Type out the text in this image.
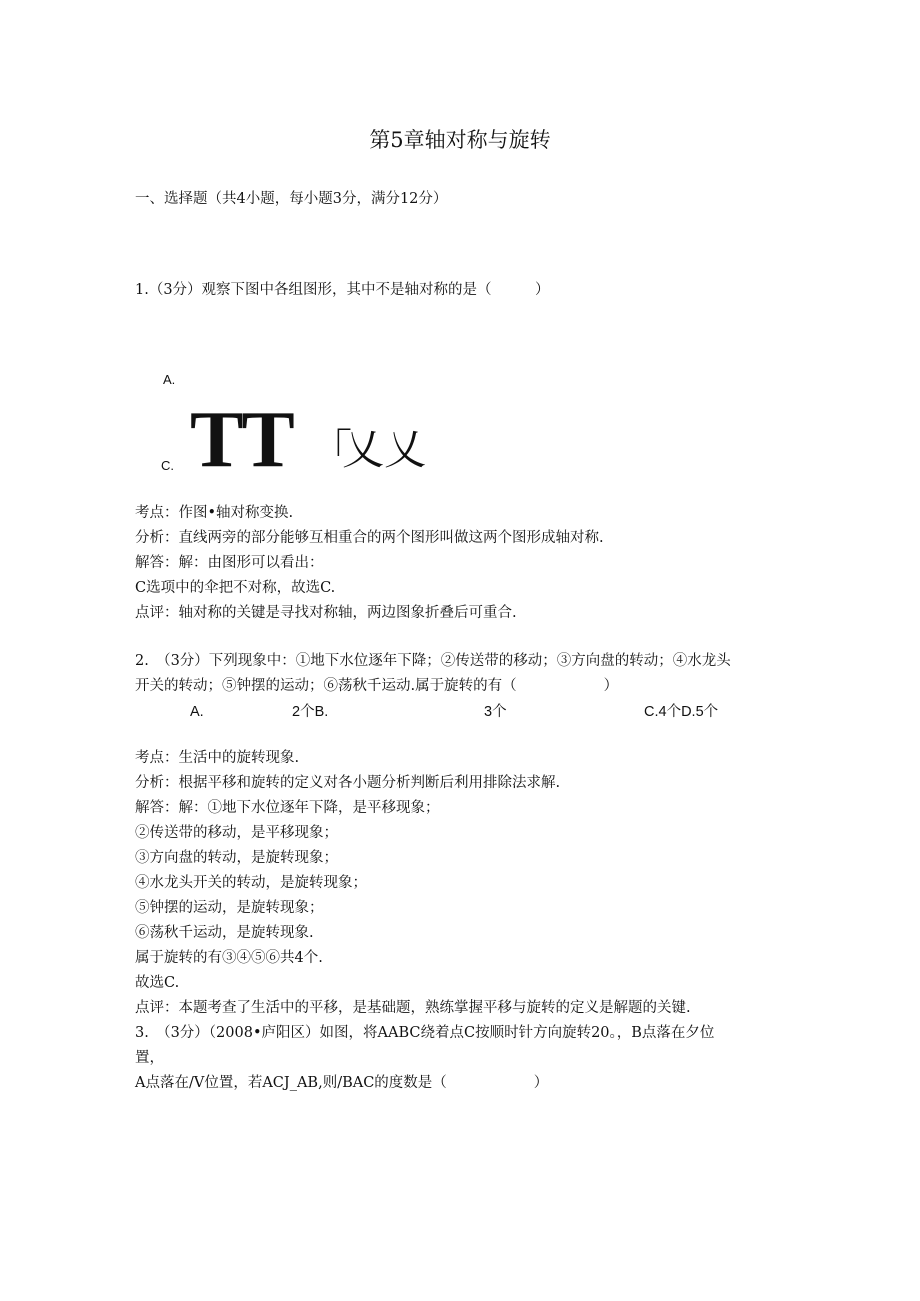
第5章轴对称与旋转
一、选择题（共4小题，每小题3分，满分12分）
1.（3分）观察下图中各组图形，其中不是轴对称的是（　　　）
A.
C. TT 「
乂乂
考点：作图•轴对称变换.
分析：直线两旁的部分能够互相重合的两个图形叫做这两个图形成轴对称.
解答：解：由图形可以看出：
C选项中的伞把不对称，故选C.
点评：轴对称的关键是寻找对称轴，两边图象折叠后可重合.
2.　（3分）下列现象中：①地下水位逐年下降；②传送带的移动；③方向盘的转动；④水龙头
开关的转动；⑤钟摆的运动；⑥荡秋千运动.属于旋转的有（　　　　　　）
A.	2个B.	3个	C.4个D.5个
考点：生活中的旋转现象.
分析：根据平移和旋转的定义对各小题分析判断后利用排除法求解.
解答：解：①地下水位逐年下降，是平移现象；
②传送带的移动，是平移现象；
③方向盘的转动，是旋转现象；
④水龙头开关的转动，是旋转现象；
⑤钟摆的运动，是旋转现象；
⑥荡秋千运动，是旋转现象.
属于旋转的有③④⑤⑥共4个.
故选C.
点评：本题考查了生活中的平移，是基础题，熟练掌握平移与旋转的定义是解题的关键.
3.　（3分）（2008•庐阳区）如图，将AABC绕着点C按顺时针方向旋转20。，B点落在夕位
置，
A点落在/V位置，若ACJ_AB,则/BAC的度数是（　　　　　　）
